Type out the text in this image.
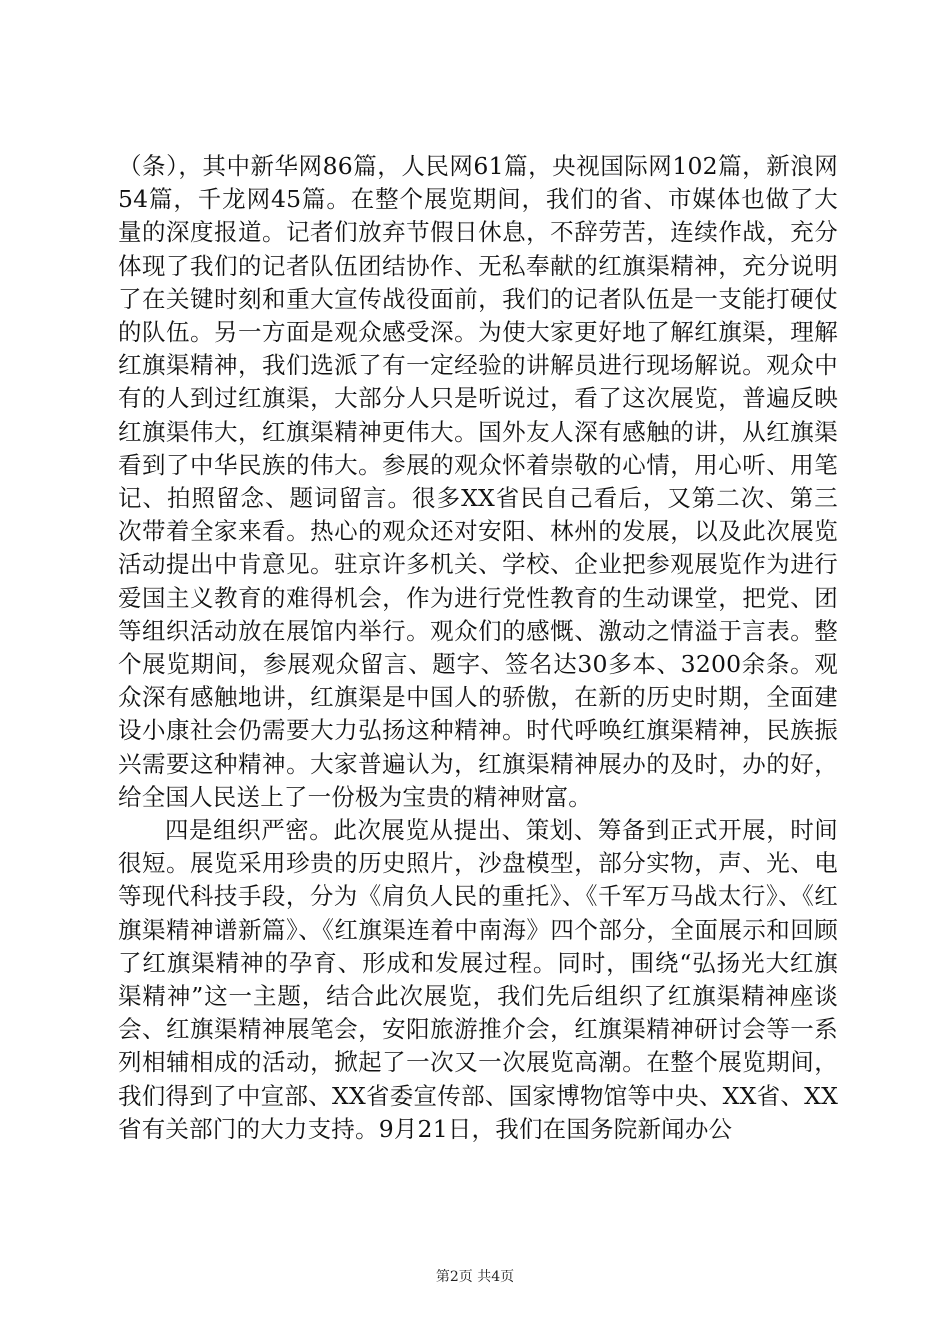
（条），其中新华网86篇，人民网61篇，央视国际网102篇，新浪网54篇，千龙网45篇。在整个展览期间，我们的省、市媒体也做了大量的深度报道。记者们放弃节假日休息，不辞劳苦，连续作战，充分体现了我们的记者队伍团结协作、无私奉献的红旗渠精神，充分说明了在关键时刻和重大宣传战役面前，我们的记者队伍是一支能打硬仗的队伍。另一方面是观众感受深。为使大家更好地了解红旗渠，理解红旗渠精神，我们选派了有一定经验的讲解员进行现场解说。观众中有的人到过红旗渠，大部分人只是听说过，看了这次展览，普遍反映红旗渠伟大，红旗渠精神更伟大。国外友人深有感触的讲，从红旗渠看到了中华民族的伟大。参展的观众怀着崇敬的心情，用心听、用笔记、拍照留念、题词留言。很多XX省民自己看后，又第二次、第三次带着全家来看。热心的观众还对安阳、林州的发展，以及此次展览活动提出中肯意见。驻京许多机关、学校、企业把参观展览作为进行爱国主义教育的难得机会，作为进行党性教育的生动课堂，把党、团等组织活动放在展馆内举行。观众们的感慨、激动之情溢于言表。整个展览期间，参展观众留言、题字、签名达30多本、3200余条。观众深有感触地讲，红旗渠是中国人的骄傲，在新的历史时期，全面建设小康社会仍需要大力弘扬这种精神。时代呼唤红旗渠精神，民族振兴需要这种精神。大家普遍认为，红旗渠精神展办的及时，办的好，给全国人民送上了一份极为宝贵的精神财富。

四是组织严密。此次展览从提出、策划、筹备到正式开展，时间很短。展览采用珍贵的历史照片，沙盘模型，部分实物，声、光、电等现代科技手段，分为《肩负人民的重托》、《千军万马战太行》、《红旗渠精神谱新篇》、《红旗渠连着中南海》四个部分，全面展示和回顾了红旗渠精神的孕育、形成和发展过程。同时，围绕“弘扬光大红旗渠精神”这一主题，结合此次展览，我们先后组织了红旗渠精神座谈会、红旗渠精神展笔会，安阳旅游推介会，红旗渠精神研讨会等一系列相辅相成的活动，掀起了一次又一次展览高潮。在整个展览期间，我们得到了中宣部、XX省委宣传部、国家博物馆等中央、XX省、XX省有关部门的大力支持。9月21日，我们在国务院新闻办公

第2页 共4页
